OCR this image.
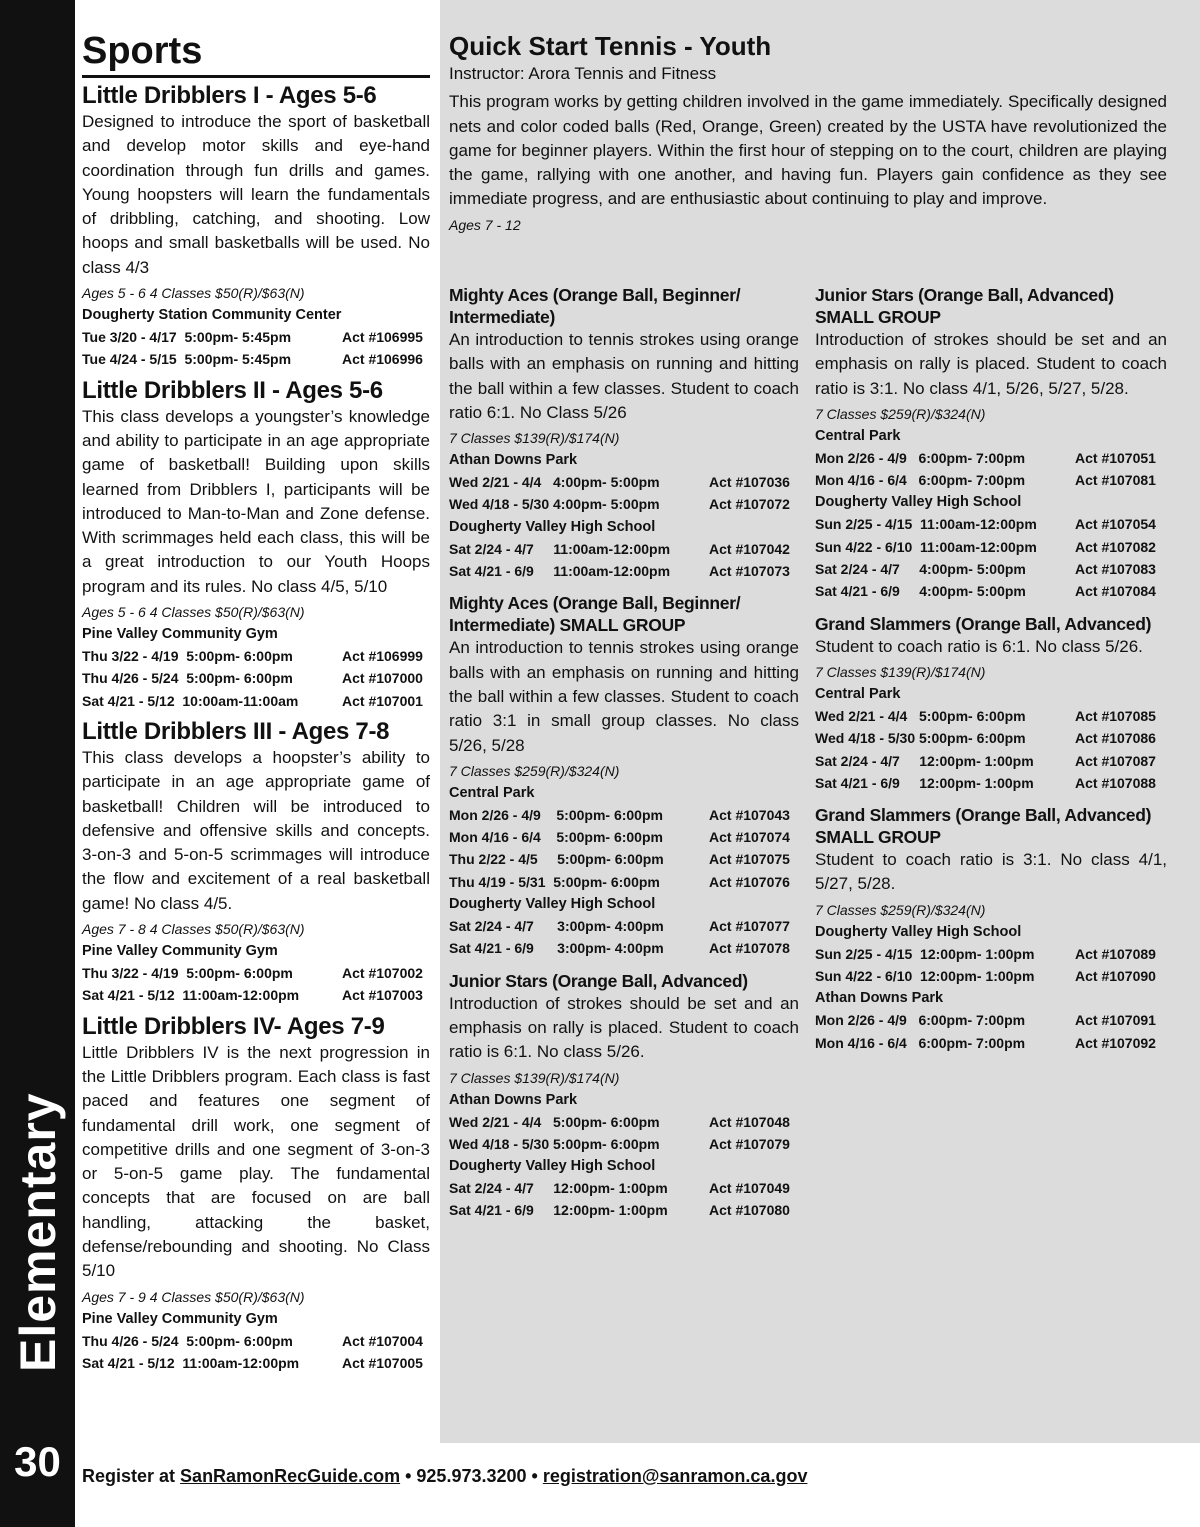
Elementary
30
Sports
Little Dribblers I - Ages 5-6

Designed to introduce the sport of basketball and develop motor skills and eye-hand coordination through fun drills and games. Young hoopsters will learn the fundamentals of dribbling, catching, and shooting. Low hoops and small basketballs will be used. No class 4/3

Ages 5 - 6 4 Classes $50(R)/$63(N)

Dougherty Station Community Center

Tue 3/20 - 4/17  5:00pm- 5:45pm	Act #106995
Tue 4/24 - 5/15  5:00pm- 5:45pm	Act #106996
Little Dribblers II - Ages 5-6

This class develops a youngster’s knowledge and ability to participate in an age appropriate game of basketball! Building upon skills learned from Dribblers I, participants will be introduced to Man-to-Man and Zone defense. With scrimmages held each class, this will be a great introduction to our Youth Hoops program and its rules. No class 4/5, 5/10

Ages 5 - 6 4 Classes $50(R)/$63(N)

Pine Valley Community Gym

Thu 3/22 - 4/19  5:00pm- 6:00pm	Act #106999
Thu 4/26 - 5/24  5:00pm- 6:00pm	Act #107000
Sat 4/21 - 5/12  10:00am-11:00am	Act #107001
Little Dribblers III - Ages 7-8

This class develops a hoopster’s ability to participate in an age appropriate game of basketball! Children will be introduced to defensive and offensive skills and concepts. 3-on-3 and 5-on-5 scrimmages will introduce the flow and excitement of a real basketball game! No class 4/5.

Ages 7 - 8 4 Classes $50(R)/$63(N)

Pine Valley Community Gym

Thu 3/22 - 4/19  5:00pm- 6:00pm	Act #107002
Sat 4/21 - 5/12  11:00am-12:00pm	Act #107003
Little Dribblers IV- Ages 7-9

Little Dribblers IV is the next progression in the Little Dribblers program. Each class is fast paced and features one segment of fundamental drill work, one segment of competitive drills and one segment of 3-on-3 or 5-on-5 game play. The fundamental concepts that are focused on are ball handling, attacking the basket, defense/rebounding and shooting. No Class 5/10

Ages 7 - 9 4 Classes $50(R)/$63(N)

Pine Valley Community Gym

Thu 4/26 - 5/24  5:00pm- 6:00pm	Act #107004
Sat 4/21 - 5/12  11:00am-12:00pm	Act #107005
Quick Start Tennis - Youth

Instructor: Arora Tennis and Fitness

This program works by getting children involved in the game immediately. Specifically designed nets and color coded balls (Red, Orange, Green) created by the USTA have revolutionized the game for beginner players. Within the first hour of stepping on to the court, children are playing the game, rallying with one another, and having fun. Players gain confidence as they see immediate progress, and are enthusiastic about continuing to play and improve.

Ages 7 - 12

Mighty Aces (Orange Ball, Beginner/ Intermediate)

An introduction to tennis strokes using orange balls with an emphasis on running and hitting the ball within a few classes. Student to coach ratio 6:1. No Class 5/26

7 Classes $139(R)/$174(N)

Athan Downs Park

Wed 2/21 - 4/4   4:00pm- 5:00pm	Act #107036
Wed 4/18 - 5/30 4:00pm- 5:00pm	Act #107072

Dougherty Valley High School

Sat 2/24 - 4/7     11:00am-12:00pm	Act #107042
Sat 4/21 - 6/9     11:00am-12:00pm	Act #107073
Mighty Aces (Orange Ball, Beginner/ Intermediate) SMALL GROUP

An introduction to tennis strokes using orange balls with an emphasis on running and hitting the ball within a few classes. Student to coach ratio 3:1 in small group classes. No class 5/26, 5/28

7 Classes $259(R)/$324(N)

Central Park

Mon 2/26 - 4/9    5:00pm- 6:00pm	Act #107043
Mon 4/16 - 6/4    5:00pm- 6:00pm	Act #107074
Thu 2/22 - 4/5     5:00pm- 6:00pm	Act #107075
Thu 4/19 - 5/31  5:00pm- 6:00pm	Act #107076

Dougherty Valley High School

Sat 2/24 - 4/7      3:00pm- 4:00pm	Act #107077
Sat 4/21 - 6/9      3:00pm- 4:00pm	Act #107078
Junior Stars (Orange Ball, Advanced)

Introduction of strokes should be set and an emphasis on rally is placed. Student to coach ratio is 6:1. No class 5/26.

7 Classes $139(R)/$174(N)

Athan Downs Park

Wed 2/21 - 4/4   5:00pm- 6:00pm	Act #107048
Wed 4/18 - 5/30 5:00pm- 6:00pm	Act #107079

Dougherty Valley High School

Sat 2/24 - 4/7     12:00pm- 1:00pm	Act #107049
Sat 4/21 - 6/9     12:00pm- 1:00pm	Act #107080
Junior Stars (Orange Ball, Advanced) SMALL GROUP

Introduction of strokes should be set and an emphasis on rally is placed. Student to coach ratio is 3:1. No class 4/1, 5/26, 5/27, 5/28.

7 Classes $259(R)/$324(N)

Central Park

Mon 2/26 - 4/9   6:00pm- 7:00pm	Act #107051
Mon 4/16 - 6/4   6:00pm- 7:00pm	Act #107081

Dougherty Valley High School

Sun 2/25 - 4/15  11:00am-12:00pm	Act #107054
Sun 4/22 - 6/10  11:00am-12:00pm	Act #107082
Sat 2/24 - 4/7     4:00pm- 5:00pm	Act #107083
Sat 4/21 - 6/9     4:00pm- 5:00pm	Act #107084
Grand Slammers (Orange Ball, Advanced)

Student to coach ratio is 6:1. No class 5/26.

7 Classes $139(R)/$174(N)

Central Park

Wed 2/21 - 4/4   5:00pm- 6:00pm	Act #107085
Wed 4/18 - 5/30 5:00pm- 6:00pm	Act #107086
Sat 2/24 - 4/7     12:00pm- 1:00pm	Act #107087
Sat 4/21 - 6/9     12:00pm- 1:00pm	Act #107088
Grand Slammers (Orange Ball, Advanced) SMALL GROUP

Student to coach ratio is 3:1. No class 4/1, 5/27, 5/28.

7 Classes $259(R)/$324(N)

Dougherty Valley High School

Sun 2/25 - 4/15  12:00pm- 1:00pm	Act #107089
Sun 4/22 - 6/10  12:00pm- 1:00pm	Act #107090

Athan Downs Park

Mon 2/26 - 4/9   6:00pm- 7:00pm	Act #107091
Mon 4/16 - 6/4   6:00pm- 7:00pm	Act #107092
Register at SanRamonRecGuide.com • 925.973.3200 • registration@sanramon.ca.gov
